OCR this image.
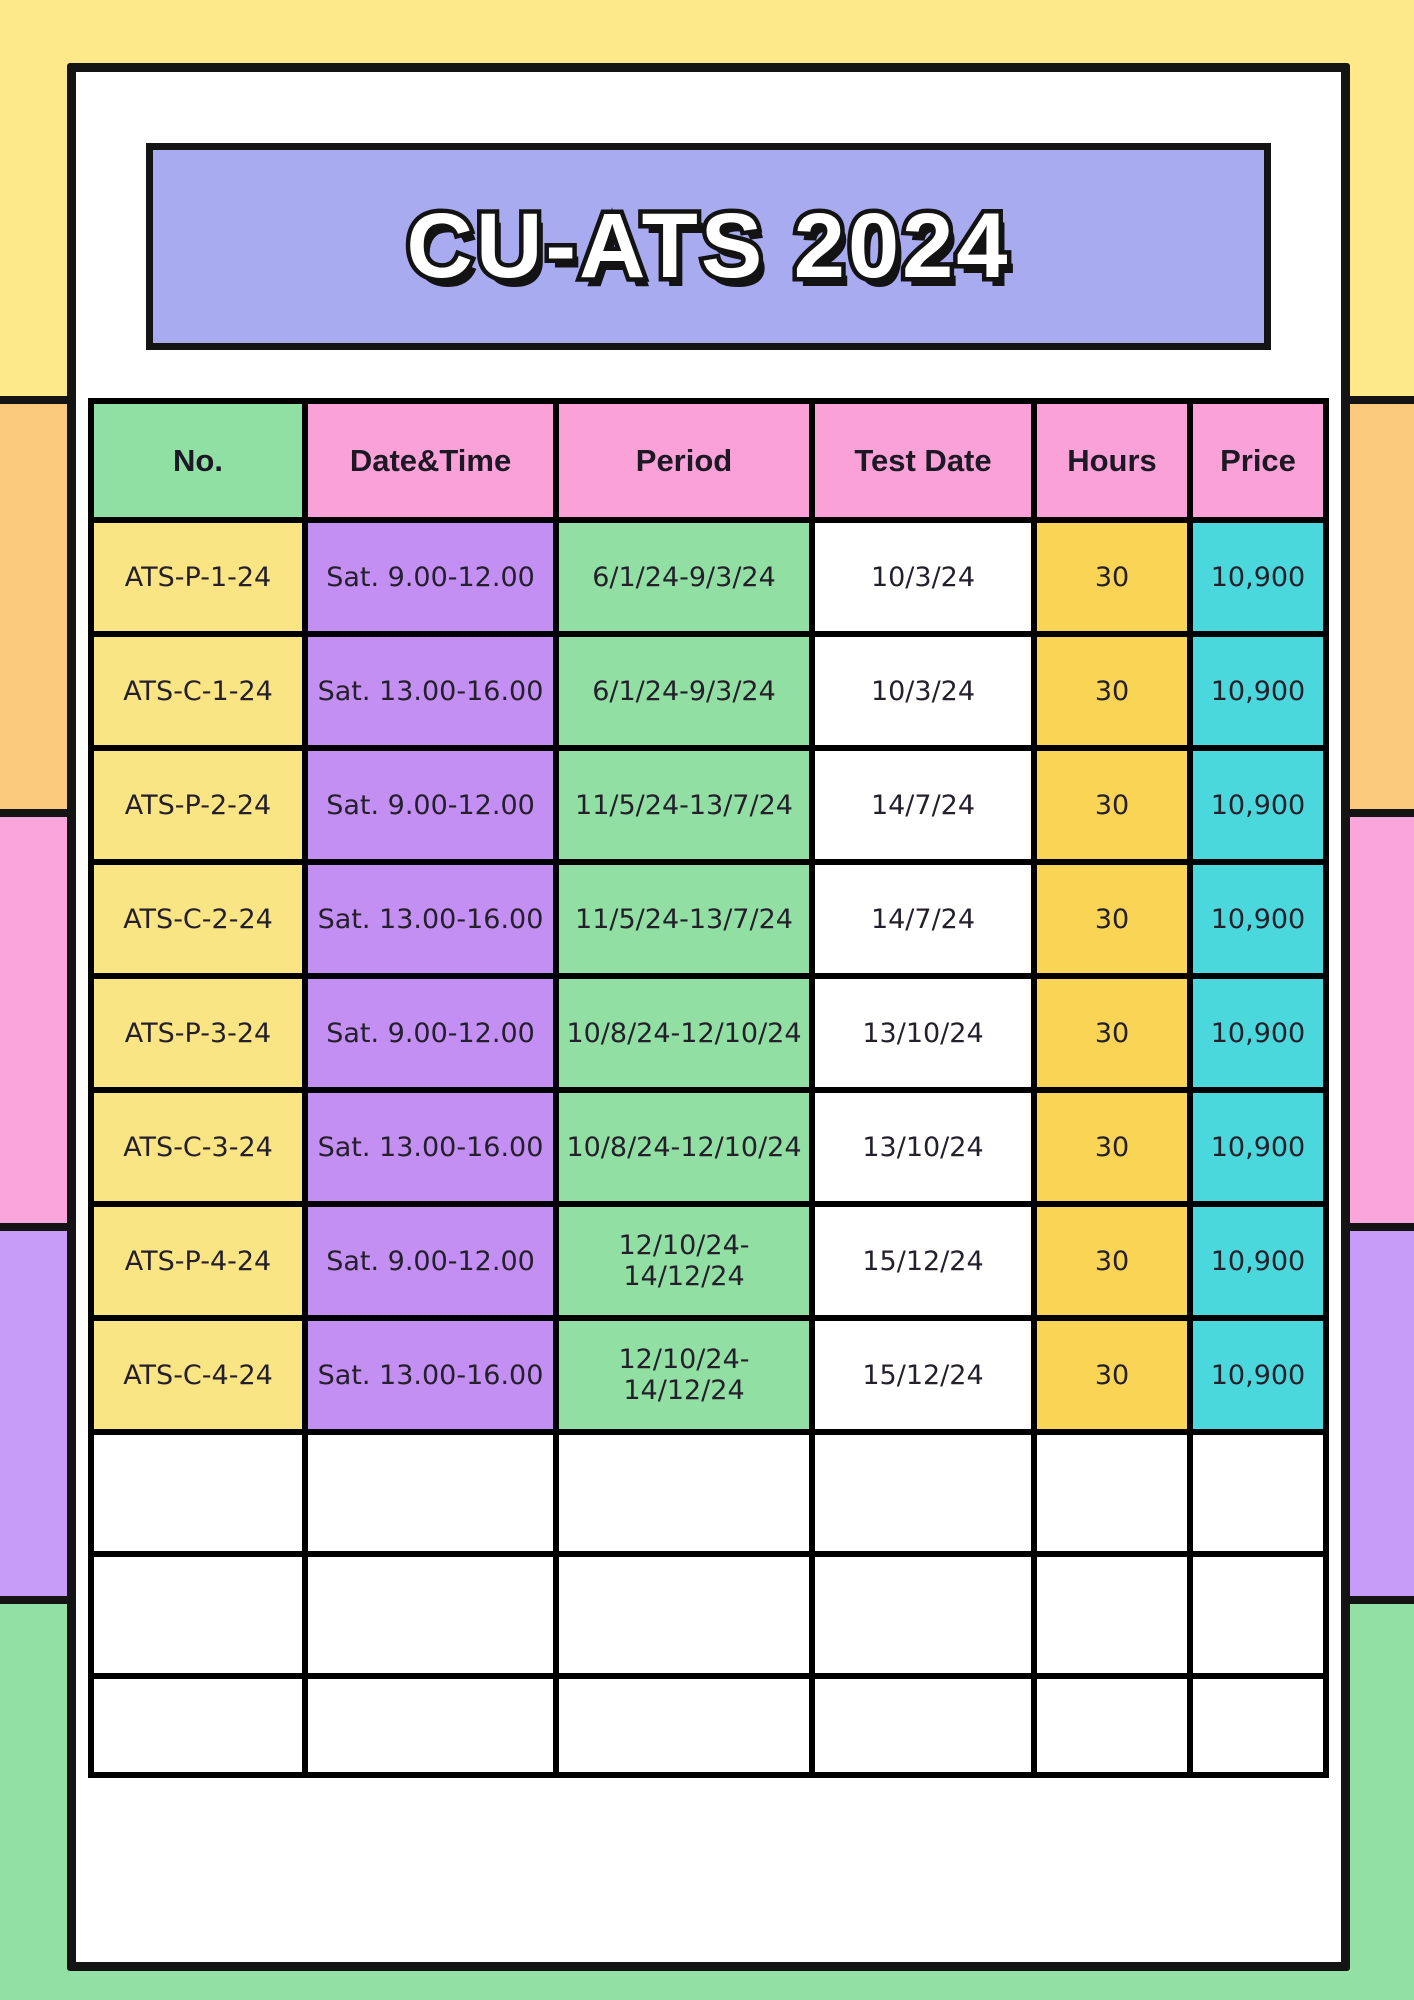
CU-ATS 2024
No.	Date&Time	Period	Test Date	Hours	Price
ATS-P-1-24	Sat. 9.00-12.00	6/1/24-9/3/24	10/3/24	30	10,900
ATS-C-1-24	Sat. 13.00-16.00	6/1/24-9/3/24	10/3/24	30	10,900
ATS-P-2-24	Sat. 9.00-12.00	11/5/24-13/7/24	14/7/24	30	10,900
ATS-C-2-24	Sat. 13.00-16.00	11/5/24-13/7/24	14/7/24	30	10,900
ATS-P-3-24	Sat. 9.00-12.00	10/8/24-12/10/24	13/10/24	30	10,900
ATS-C-3-24	Sat. 13.00-16.00	10/8/24-12/10/24	13/10/24	30	10,900
ATS-P-4-24	Sat. 9.00-12.00	12/10/24-14/12/24	15/12/24	30	10,900
ATS-C-4-24	Sat. 13.00-16.00	12/10/24-14/12/24	15/12/24	30	10,900
